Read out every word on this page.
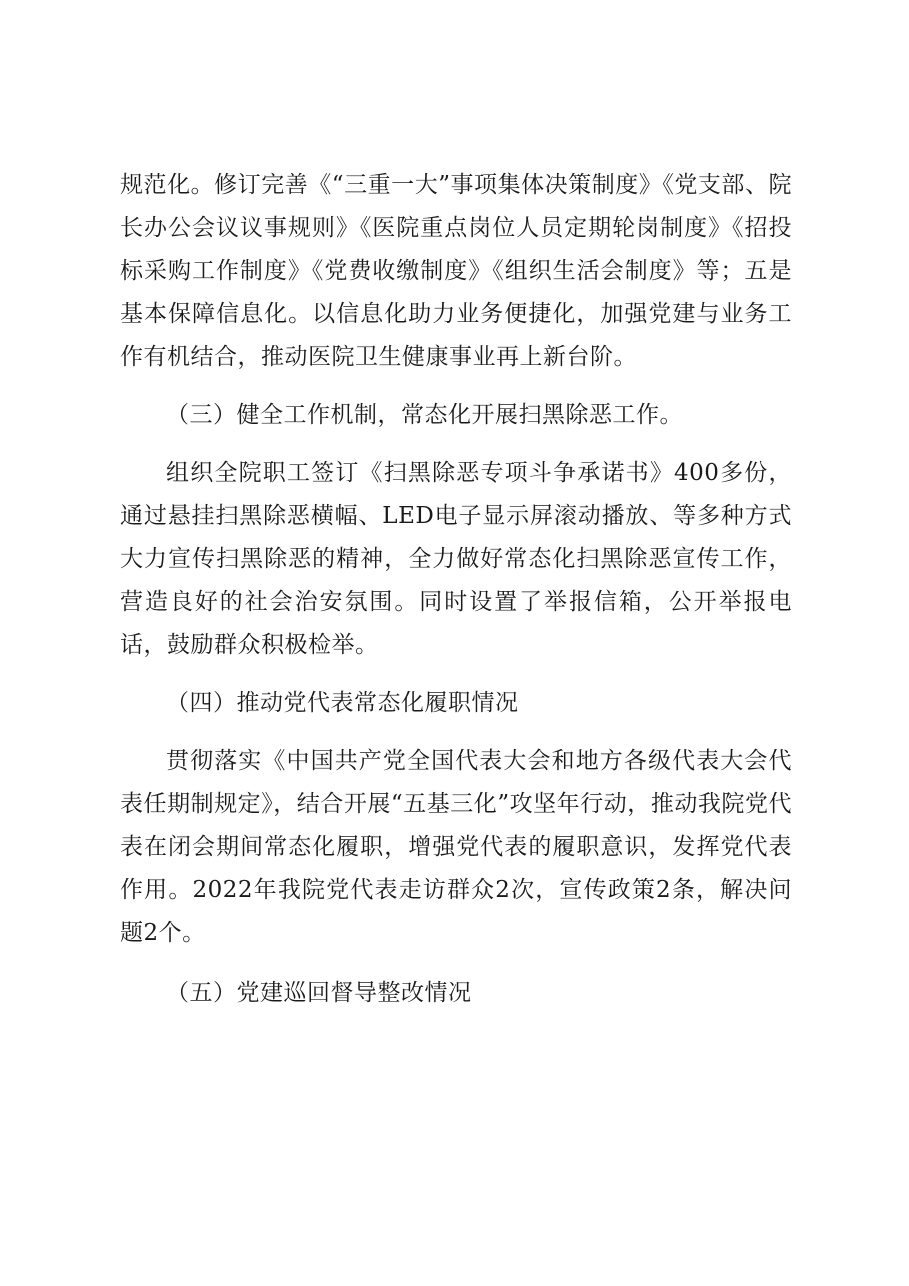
规范化。修订完善《“三重一大”事项集体决策制度》《党支部、院长办公会议议事规则》《医院重点岗位人员定期轮岗制度》《招投标采购工作制度》《党费收缴制度》《组织生活会制度》等；五是基本保障信息化。以信息化助力业务便捷化，加强党建与业务工作有机结合，推动医院卫生健康事业再上新台阶。

（三）健全工作机制，常态化开展扫黑除恶工作。

组织全院职工签订《扫黑除恶专项斗争承诺书》400多份，通过悬挂扫黑除恶横幅、LED电子显示屏滚动播放、等多种方式大力宣传扫黑除恶的精神，全力做好常态化扫黑除恶宣传工作，营造良好的社会治安氛围。同时设置了举报信箱，公开举报电话，鼓励群众积极检举。

（四）推动党代表常态化履职情况

贯彻落实《中国共产党全国代表大会和地方各级代表大会代表任期制规定》，结合开展“五基三化”攻坚年行动，推动我院党代表在闭会期间常态化履职，增强党代表的履职意识，发挥党代表作用。2022年我院党代表走访群众2次，宣传政策2条，解决问题2个。

（五）党建巡回督导整改情况
